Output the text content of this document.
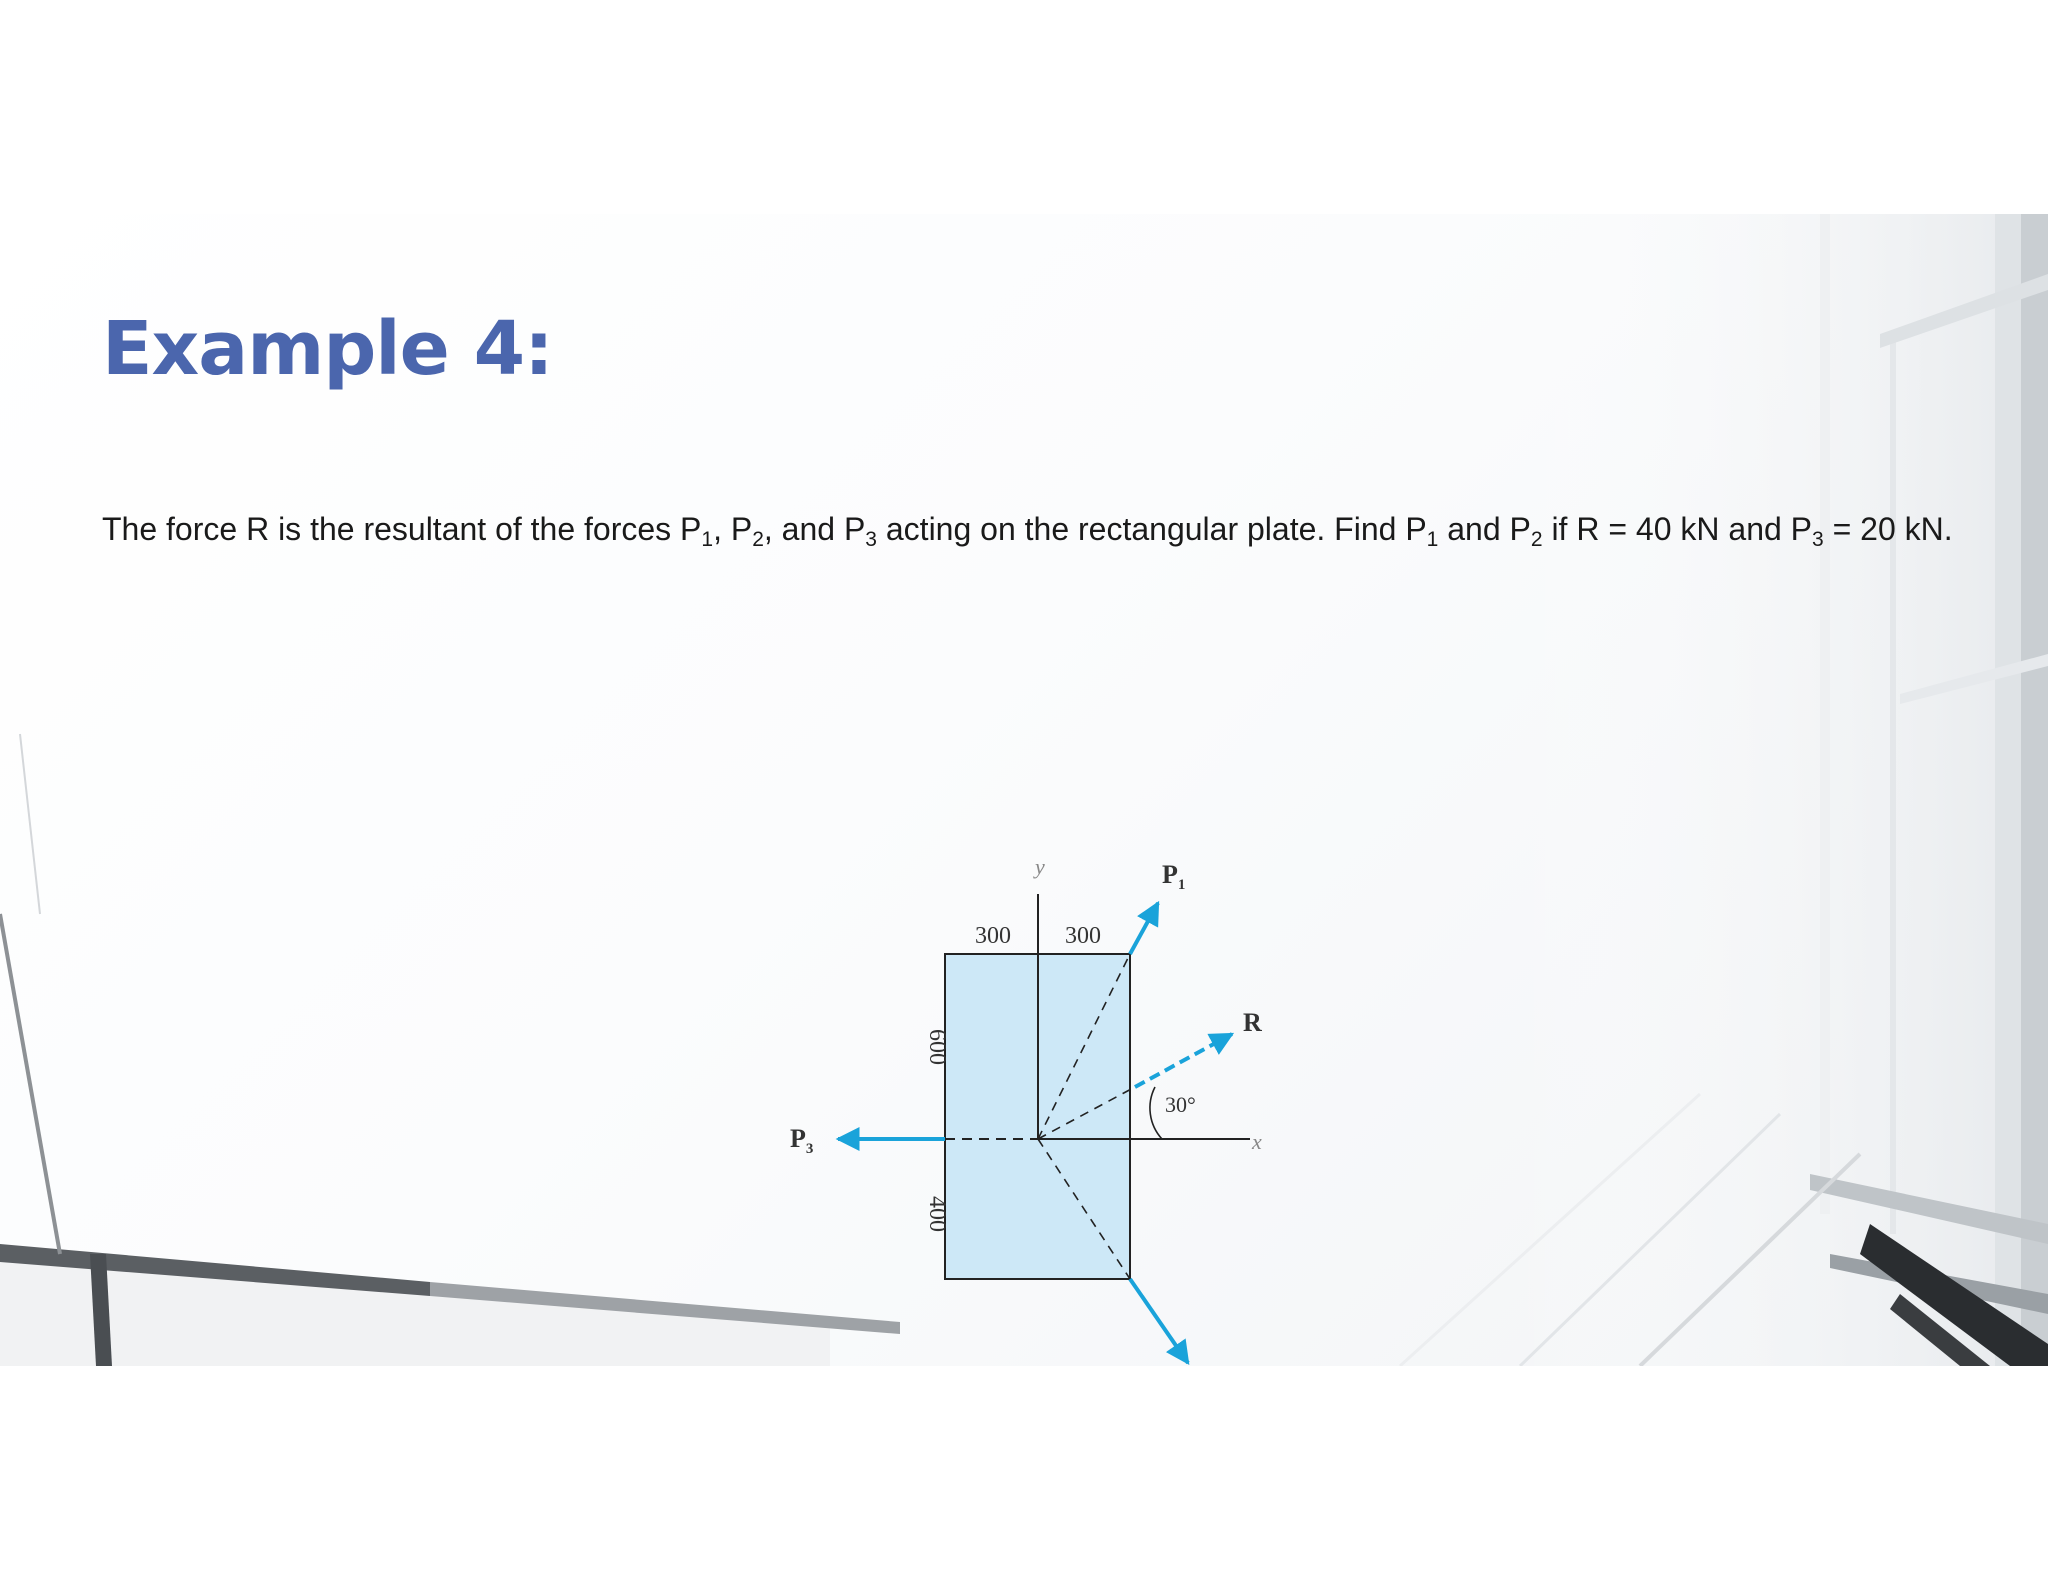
Example 4:

The force R is the resultant of the forces $P_1$, $P_2$, and $P_3$ acting on the rectangular plate. Find $P_1$ and $P_2$ if R = 40 kN and $P_3 = 20$ kN.

y
x
300 300
600
400
30°
$P_1$
$P_2$
$P_3$
R
Dimensions in mm
